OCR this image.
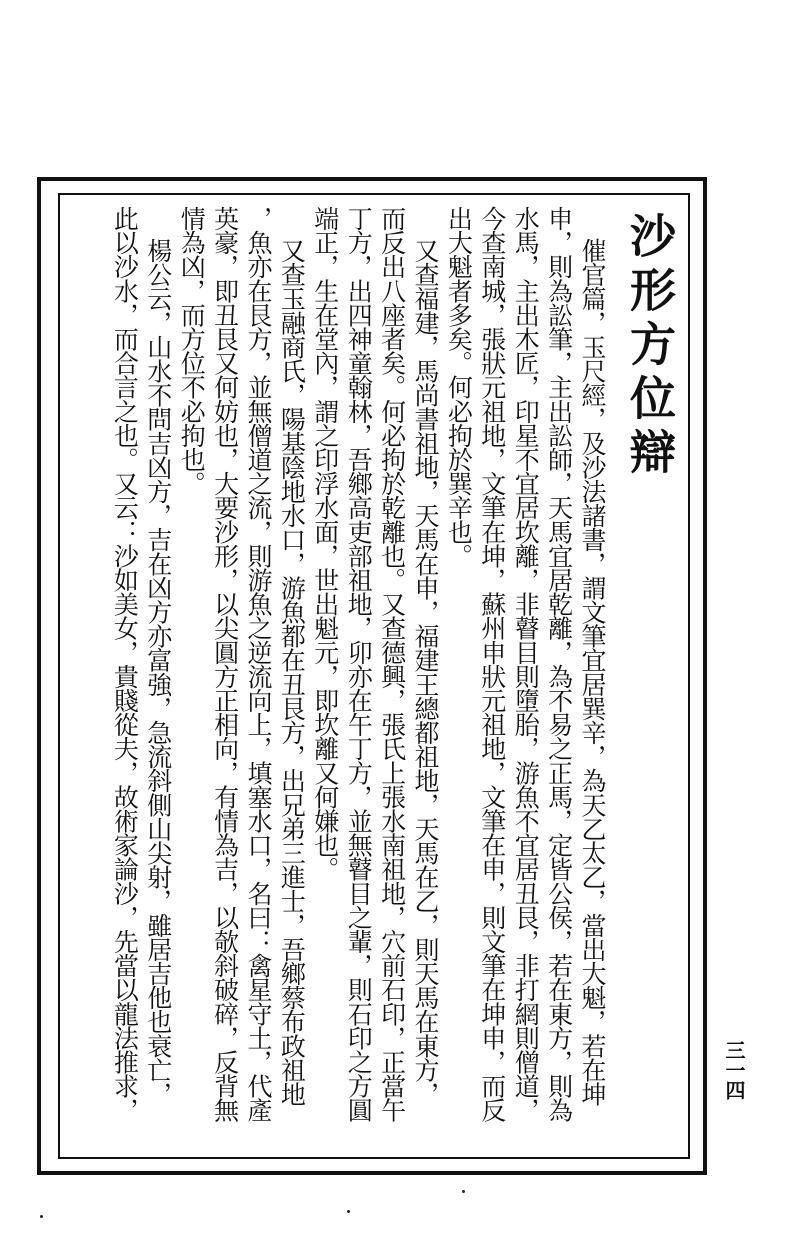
沙形方位辯
催官篇，玉尺經，及沙法諸書，謂文筆宜居巽辛，為天乙太乙，當出大魁，若在坤
申，則為訟筆，主出訟師，天馬宜居乾離，為不易之正馬，定皆公侯，若在東方，則為
水馬，主出木匠，印星不宜居坎離，非瞽目則墮胎，游魚不宜居丑艮，非打網則僧道，
今查南城，張狀元祖地，文筆在坤，蘇州申狀元祖地，文筆在申，則文筆在坤申，而反
出大魁者多矣。何必拘於巽辛也。
又查福建，馬尚書祖地，天馬在申，福建王總都祖地，天馬在乙，則天馬在東方，
而反出八座者矣。何必拘於乾離也。又查德興，張氏上張水南祖地，穴前石印，正當午
丁方，出四神童翰林，吾鄉高吏部祖地，卯亦在午丁方，並無瞽目之輩，則石印之方圓
端正，生在堂內，謂之印浮水面，世出魁元，即坎離又何嫌也。
又查玉融商氏，陽基陰地水口，游魚都在丑艮方，出兄弟三進士，吾鄉蔡布政祖地
，魚亦在艮方，並無僧道之流，則游魚之逆流向上，填塞水口，名曰：禽星守土，代產
英豪，即丑艮又何妨也，大要沙形，以尖圓方正相向，有情為吉，以欹斜破碎，反背無
情為凶，而方位不必拘也。
楊公云，山水不問吉凶方，吉在凶方亦富強，急流斜側山尖射，雖居吉他也衰亡，
此以沙水，而合言之也。又云：沙如美女，貴賤從夫，故術家論沙，先當以龍法推求，	三一四
